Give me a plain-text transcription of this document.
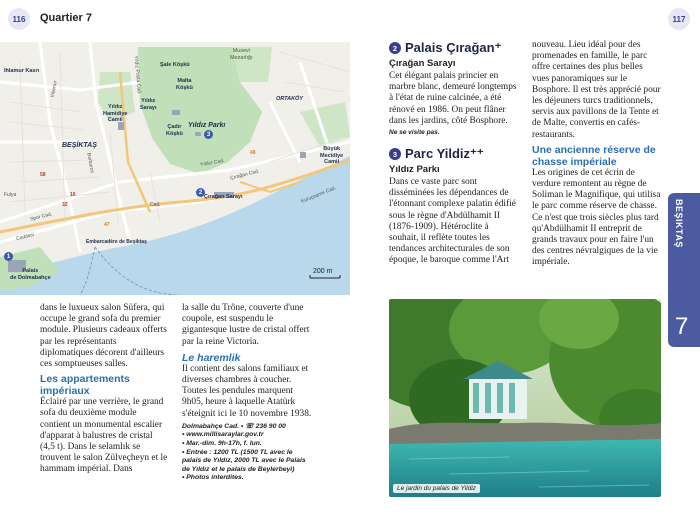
116	Quartier 7	117
Ihlamur Kasrı
Şale Köşkü
Musevi
Mezarlığı
Malta
Köşkü
Yıldız
Sarayı
Yıldız
Hamidiye
Camii
ORTAKÖY
Çadır
Köşkü
Yıldız Parkı
BEŞİKTAŞ
Çırağan Sarayı
Büyük
Mecidiye
Camii
Embarcadère de Beşiktaş
Palais
de Dolmabahçe
200 m
Ihlamur
Barbaros
Yıldız Posta Cad.
Çırağan Cad.
Cad.
Spor Cad.
Caddesi
Fulya	Kuruçeşme Cad.
Yıldız Cad.
1
2
3
16
32
47
48
58
dans le luxueux salon Süfera, qui occupe le grand sofa du premier module. Plusieurs cadeaux offerts par les représentants diplomatiques décorent d'ailleurs ces somptueuses salles.
Les appartements impériaux
Éclairé par une verrière, le grand sofa du deuxième module contient un monumental escalier d'apparat à balustres de cristal (4,5 t). Dans le selamlık se trouvent le salon Zülveçheyn et le hammam impérial. Dans
la salle du Trône, couverte d'une coupole, est suspendu le gigantesque lustre de cristal offert par la reine Victoria.
Le haremlik
Il contient des salons familiaux et diverses chambres à coucher. Toutes les pendules marquent 9h05, heure à laquelle Atatürk s'éteignit ici le 10 novembre 1938.
Dolmabahçe Cad. • ☏ 236 90 00
• www.millisaraylar.gov.tr
• Mar.-dim. 9h-17h, f. lun.
• Entrée : 1200 TL (1500 TL avec le palais de Yıldız, 2000 TL avec le Palais de Yıldız et le palais de Beylerbeyi)
• Photos interdites.
2 Palais Çırağan⁺
Çırağan Sarayı
Cet élégant palais princier en marbre blanc, demeuré longtemps à l'état de ruine calcinée, a été rénové en 1986. On peut flâner dans les jardins, côté Bosphore.
Ne se visite pas.
3 Parc Yildiz⁺⁺
Yıldız Parkı
Dans ce vaste parc sont disséminées les dépendances de l'étonnant complexe palatin édifié sous le règne d'Abdülhamit II (1876-1909). Hétéroclite à souhait, il reflète toutes les tendances architecturales de son époque, le baroque comme l'Art
nouveau. Lieu idéal pour des promenades en famille, le parc offre certaines des plus belles vues panoramiques sur le Bosphore. Il est très apprécié pour les déjeuners turcs traditionnels, servis aux pavillons de la Tente et de Malte, convertis en cafés-restaurants.
Une ancienne réserve de chasse impériale
Les origines de cet écrin de verdure remontent au règne de Soliman le Magnifique, qui utilisa le parc comme réserve de chasse. Ce n'est que trois siècles plus tard qu'Abdülhamit II entreprit de grands travaux pour en faire l'un des centres névralgiques de la vie impériale.
BEŞIKTAŞ
7
Le jardin du palais de Yildiz
